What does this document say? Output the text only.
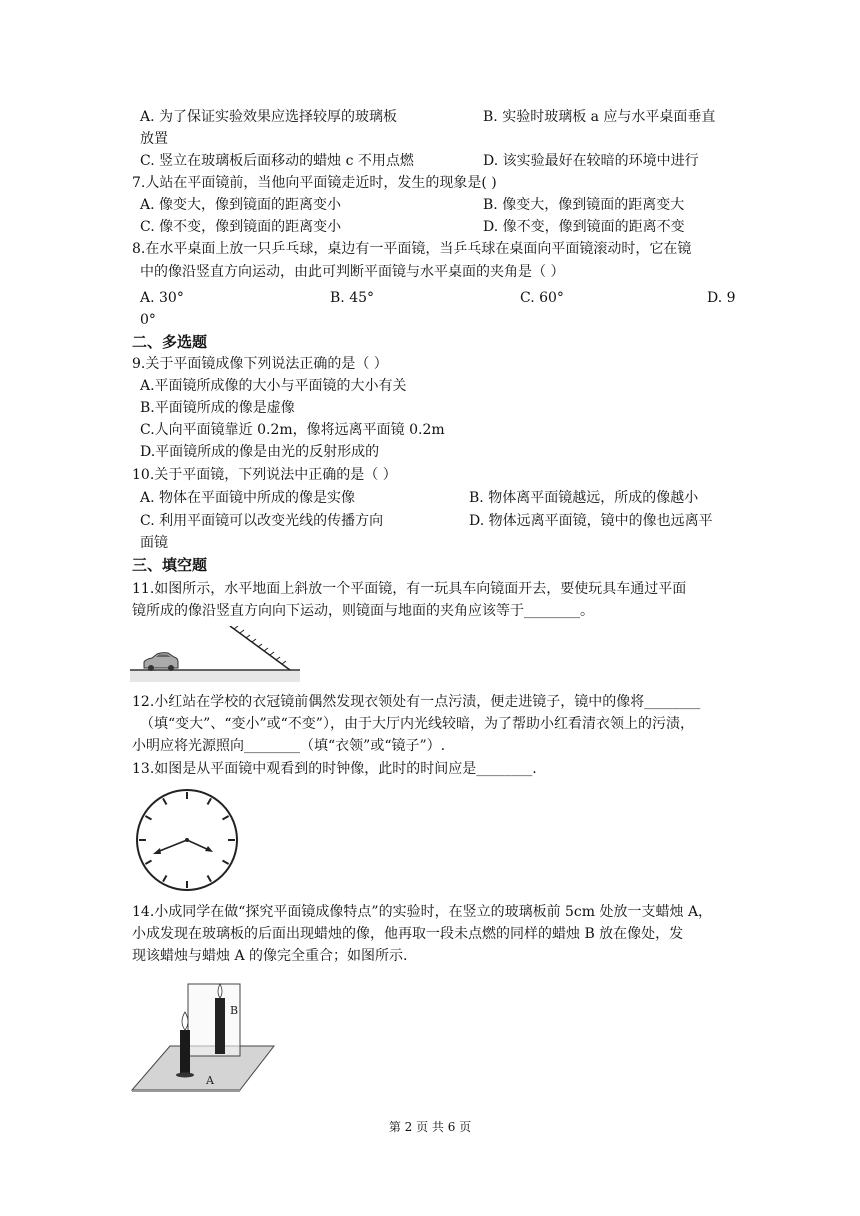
A. 为了保证实验效果应选择较厚的玻璃板	B. 实验时玻璃板 a 应与水平桌面垂直
放置
C. 竖立在玻璃板后面移动的蜡烛 c 不用点燃	D. 该实验最好在较暗的环境中进行
7.人站在平面镜前，当他向平面镜走近时，发生的现象是( )
A. 像变大，像到镜面的距离变小	B. 像变大，像到镜面的距离变大
C. 像不变，像到镜面的距离变小	D. 像不变，像到镜面的距离不变
8.在水平桌面上放一只乒乓球，桌边有一平面镜，当乒乓球在桌面向平面镜滚动时，它在镜
中的像沿竖直方向运动，由此可判断平面镜与水平桌面的夹角是（ ）
A. 30°	B. 45°	C. 60°	D. 9
0°
二、多选题
9.关于平面镜成像下列说法正确的是（ ）
A.平面镜所成像的大小与平面镜的大小有关
B.平面镜所成的像是虚像
C.人向平面镜靠近 0.2m，像将远离平面镜 0.2m
D.平面镜所成的像是由光的反射形成的
10.关于平面镜，下列说法中正确的是（ ）
A. 物体在平面镜中所成的像是实像	B. 物体离平面镜越远，所成的像越小
C. 利用平面镜可以改变光线的传播方向	D. 物体远离平面镜，镜中的像也远离平
面镜
三、填空题
11.如图所示，水平地面上斜放一个平面镜，有一玩具车向镜面开去，要使玩具车通过平面
镜所成的像沿竖直方向向下运动，则镜面与地面的夹角应该等于________。
12.小红站在学校的衣冠镜前偶然发现衣领处有一点污渍，便走进镜子，镜中的像将________
（填“变大”、“变小”或“不变”），由于大厅内光线较暗，为了帮助小红看清衣领上的污渍，
小明应将光源照向________（填“衣领”或“镜子”）.
13.如图是从平面镜中观看到的时钟像，此时的时间应是________.
14.小成同学在做“探究平面镜成像特点”的实验时，在竖立的玻璃板前 5cm 处放一支蜡烛 A，
小成发现在玻璃板的后面出现蜡烛的像，他再取一段未点燃的同样的蜡烛 B 放在像处，发
现该蜡烛与蜡烛 A 的像完全重合；如图所示.
B
A
第 2 页 共 6 页
